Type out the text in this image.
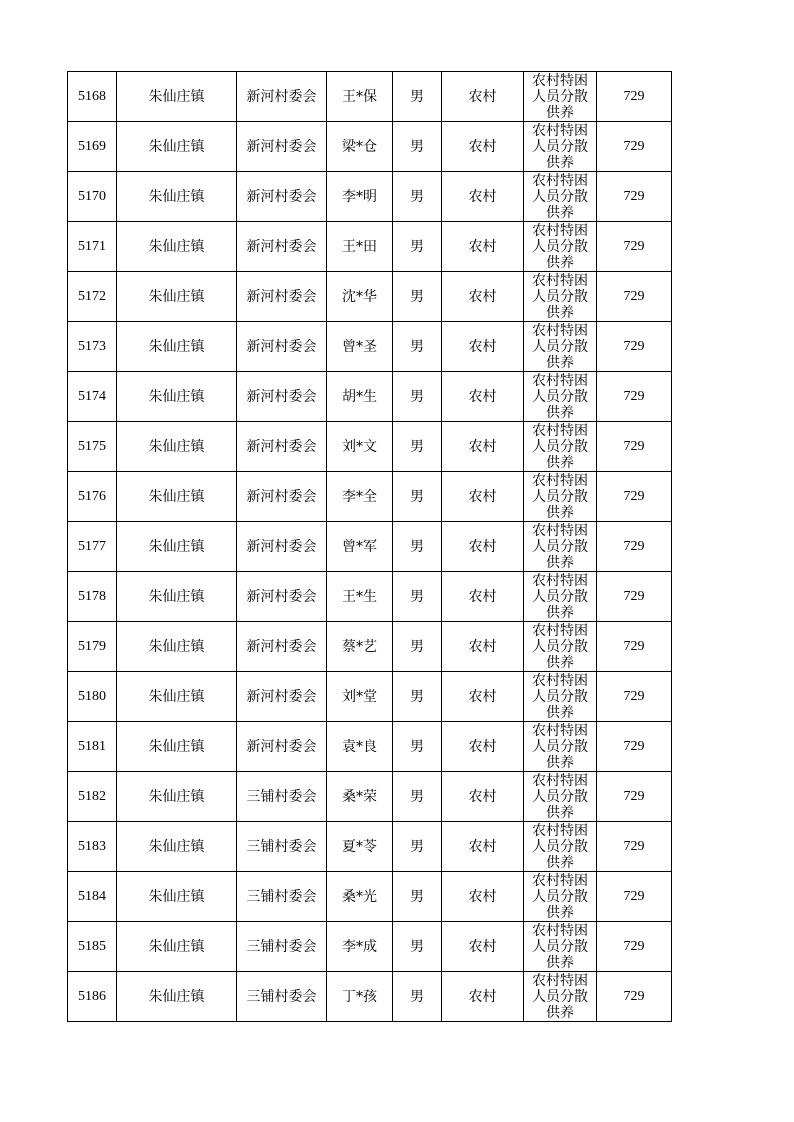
5168	朱仙庄镇	新河村委会	王*保	男	农村	农村特困人员分散供养	729
5169	朱仙庄镇	新河村委会	梁*仓	男	农村	农村特困人员分散供养	729
5170	朱仙庄镇	新河村委会	李*明	男	农村	农村特困人员分散供养	729
5171	朱仙庄镇	新河村委会	王*田	男	农村	农村特困人员分散供养	729
5172	朱仙庄镇	新河村委会	沈*华	男	农村	农村特困人员分散供养	729
5173	朱仙庄镇	新河村委会	曾*圣	男	农村	农村特困人员分散供养	729
5174	朱仙庄镇	新河村委会	胡*生	男	农村	农村特困人员分散供养	729
5175	朱仙庄镇	新河村委会	刘*文	男	农村	农村特困人员分散供养	729
5176	朱仙庄镇	新河村委会	李*全	男	农村	农村特困人员分散供养	729
5177	朱仙庄镇	新河村委会	曾*军	男	农村	农村特困人员分散供养	729
5178	朱仙庄镇	新河村委会	王*生	男	农村	农村特困人员分散供养	729
5179	朱仙庄镇	新河村委会	蔡*艺	男	农村	农村特困人员分散供养	729
5180	朱仙庄镇	新河村委会	刘*堂	男	农村	农村特困人员分散供养	729
5181	朱仙庄镇	新河村委会	袁*良	男	农村	农村特困人员分散供养	729
5182	朱仙庄镇	三铺村委会	桑*荣	男	农村	农村特困人员分散供养	729
5183	朱仙庄镇	三铺村委会	夏*苓	男	农村	农村特困人员分散供养	729
5184	朱仙庄镇	三铺村委会	桑*光	男	农村	农村特困人员分散供养	729
5185	朱仙庄镇	三铺村委会	李*成	男	农村	农村特困人员分散供养	729
5186	朱仙庄镇	三铺村委会	丁*孩	男	农村	农村特困人员分散供养	729
